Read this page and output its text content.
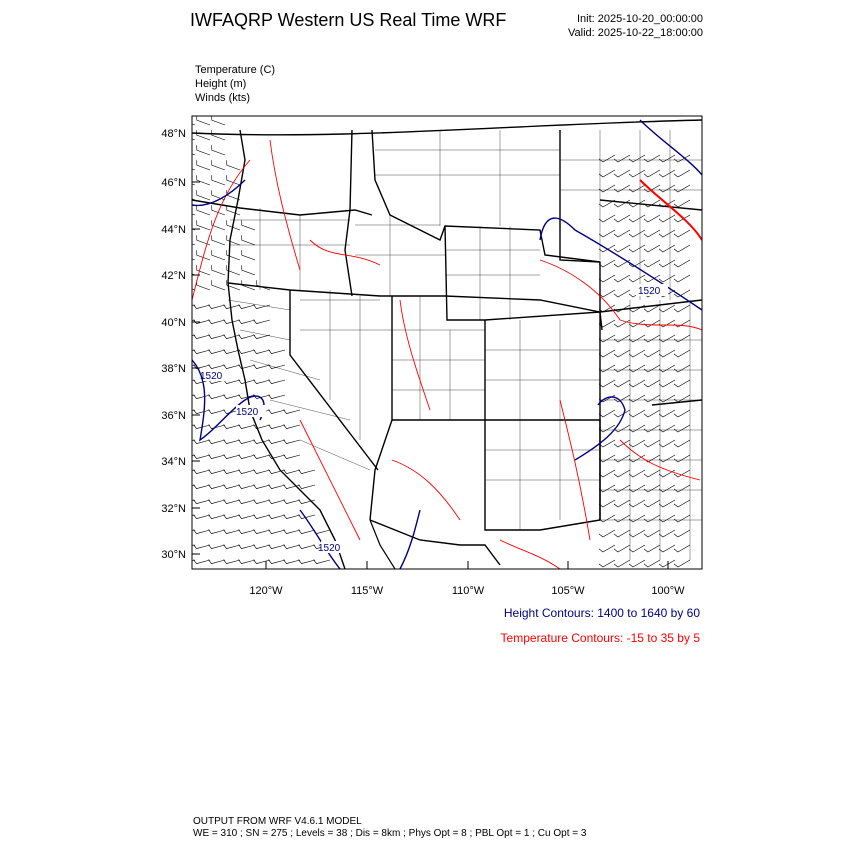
IWFAQRP Western US Real Time WRF	Init: 2025-10-20_00:00:00
Valid: 2025-10-22_18:00:00
Temperature (C)
Height (m)
Winds (kts)
1520
1520
1520
1520
48°N
46°N
44°N
42°N
40°N
38°N
36°N
34°N
32°N
30°N
120°W	115°W	110°W	105°W	100°W
Height Contours: 1400 to 1640 by 60
Temperature Contours: -15 to 35 by 5
OUTPUT FROM WRF V4.6.1 MODEL
WE = 310 ; SN = 275 ; Levels = 38 ; Dis = 8km ; Phys Opt = 8 ; PBL Opt = 1 ; Cu Opt = 3
